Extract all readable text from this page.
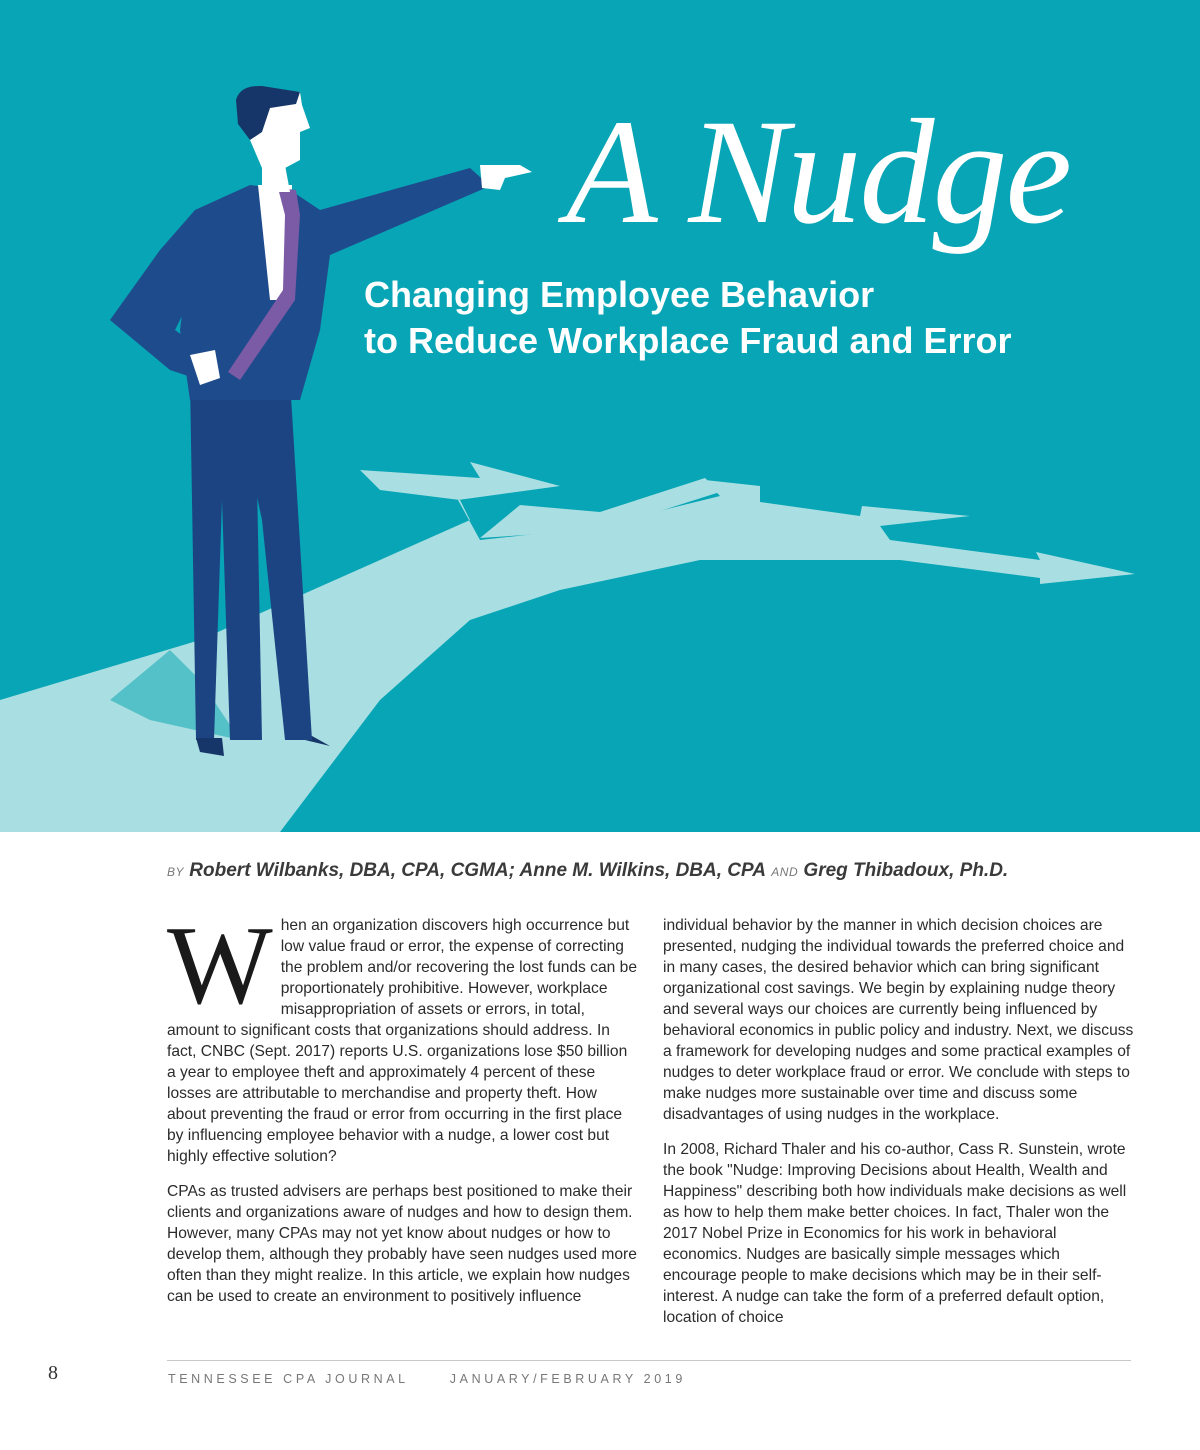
A Nudge
Changing Employee Behavior
to Reduce Workplace Fraud and Error
BY Robert Wilbanks, DBA, CPA, CGMA; Anne M. Wilkins, DBA, CPA AND Greg Thibadoux, Ph.D.

When an organization discovers high occurrence but low value fraud or error, the expense of correcting the problem and/or recovering the lost funds can be proportionately prohibitive. However, workplace misappropriation of assets or errors, in total, amount to significant costs that organizations should address. In fact, CNBC (Sept. 2017) reports U.S. organizations lose $50 billion a year to employee theft and approximately 4 percent of these losses are attributable to merchandise and property theft. How about preventing the fraud or error from occurring in the first place by influencing employee behavior with a nudge, a lower cost but highly effective solution?

CPAs as trusted advisers are perhaps best positioned to make their clients and organizations aware of nudges and how to design them. However, many CPAs may not yet know about nudges or how to develop them, although they probably have seen nudges used more often than they might realize. In this article, we explain how nudges can be used to create an environment to positively influence

individual behavior by the manner in which decision choices are presented, nudging the individual towards the preferred choice and in many cases, the desired behavior which can bring significant organizational cost savings. We begin by explaining nudge theory and several ways our choices are currently being influenced by behavioral economics in public policy and industry. Next, we discuss a framework for developing nudges and some practical examples of nudges to deter workplace fraud or error. We conclude with steps to make nudges more sustainable over time and discuss some disadvantages of using nudges in the workplace.

In 2008, Richard Thaler and his co-author, Cass R. Sunstein, wrote the book "Nudge: Improving Decisions about Health, Wealth and Happiness" describing both how individuals make decisions as well as how to help them make better choices. In fact, Thaler won the 2017 Nobel Prize in Economics for his work in behavioral economics. Nudges are basically simple messages which encourage people to make decisions which may be in their self-interest. A nudge can take the form of a preferred default option, location of choice

8	TENNESSEE CPA JOURNAL	JANUARY/FEBRUARY 2019
